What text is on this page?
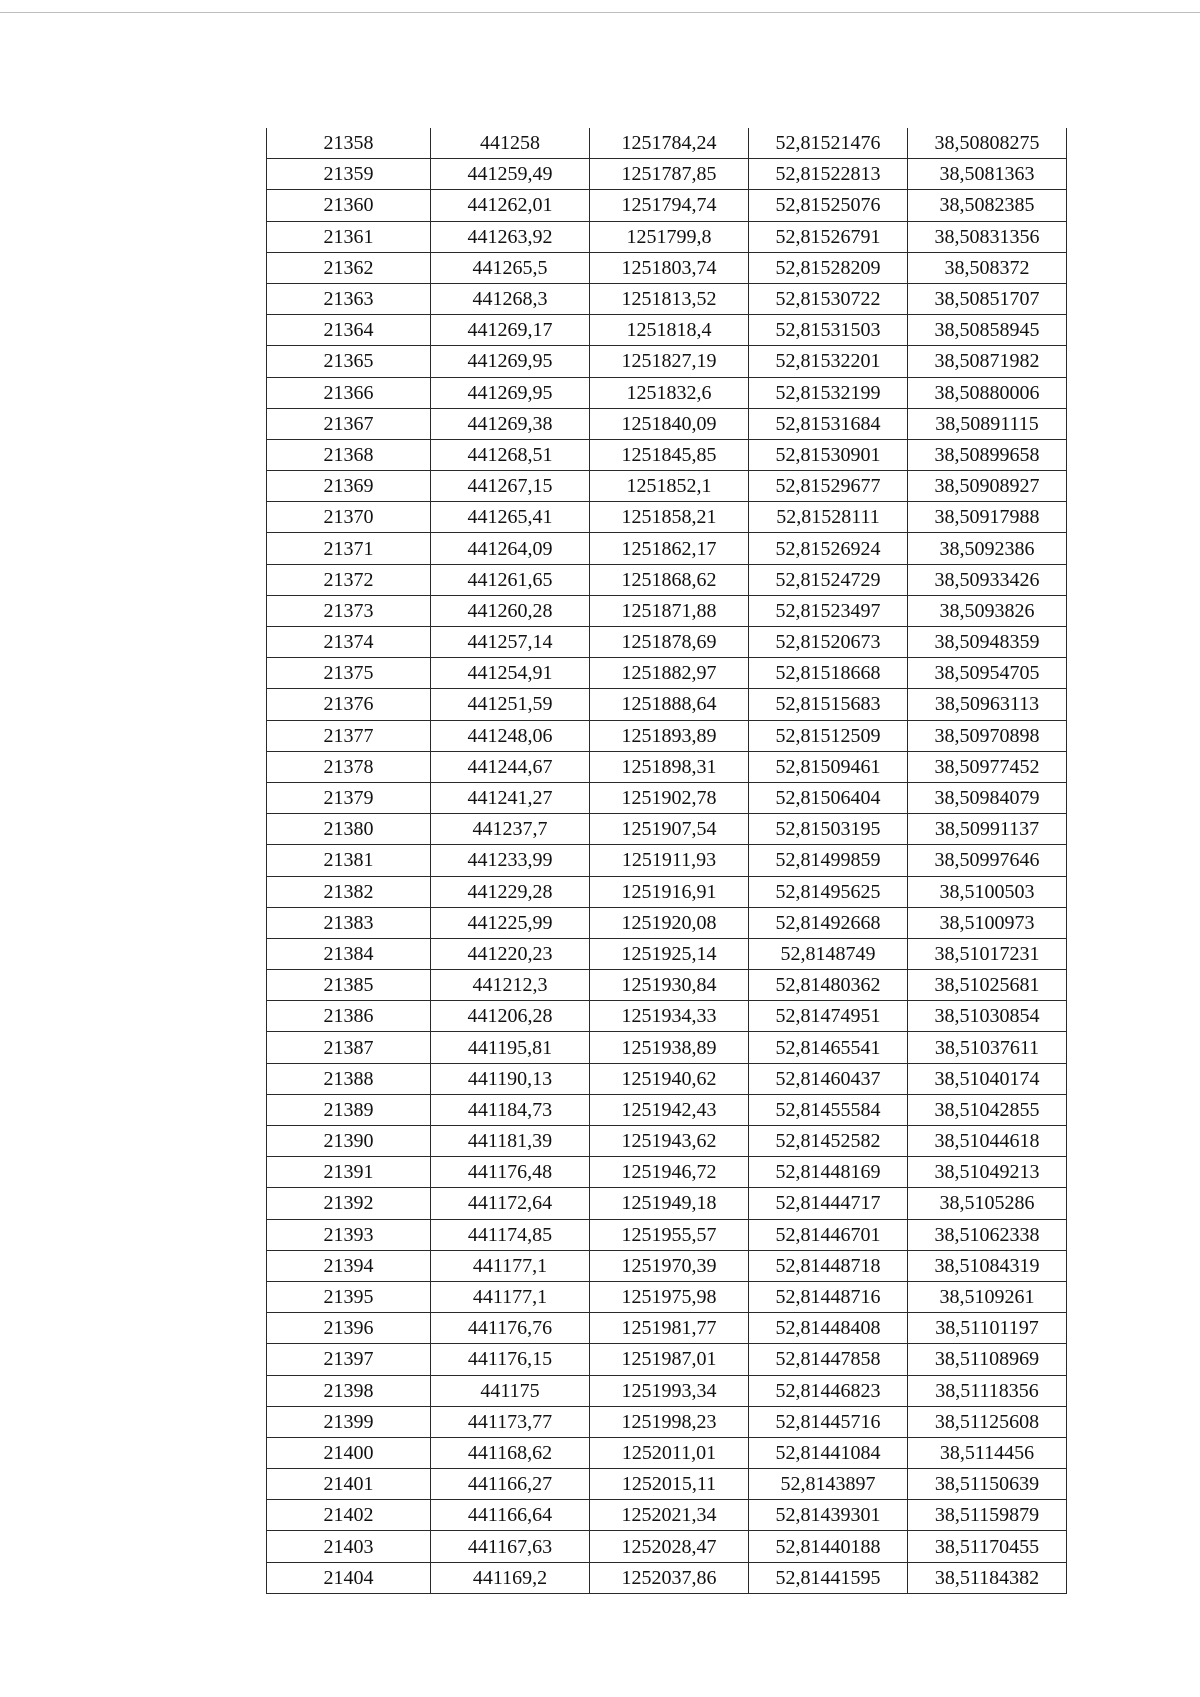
21358	441258	1251784,24	52,81521476	38,50808275
21359	441259,49	1251787,85	52,81522813	38,5081363
21360	441262,01	1251794,74	52,81525076	38,5082385
21361	441263,92	1251799,8	52,81526791	38,50831356
21362	441265,5	1251803,74	52,81528209	38,508372
21363	441268,3	1251813,52	52,81530722	38,50851707
21364	441269,17	1251818,4	52,81531503	38,50858945
21365	441269,95	1251827,19	52,81532201	38,50871982
21366	441269,95	1251832,6	52,81532199	38,50880006
21367	441269,38	1251840,09	52,81531684	38,50891115
21368	441268,51	1251845,85	52,81530901	38,50899658
21369	441267,15	1251852,1	52,81529677	38,50908927
21370	441265,41	1251858,21	52,81528111	38,50917988
21371	441264,09	1251862,17	52,81526924	38,5092386
21372	441261,65	1251868,62	52,81524729	38,50933426
21373	441260,28	1251871,88	52,81523497	38,5093826
21374	441257,14	1251878,69	52,81520673	38,50948359
21375	441254,91	1251882,97	52,81518668	38,50954705
21376	441251,59	1251888,64	52,81515683	38,50963113
21377	441248,06	1251893,89	52,81512509	38,50970898
21378	441244,67	1251898,31	52,81509461	38,50977452
21379	441241,27	1251902,78	52,81506404	38,50984079
21380	441237,7	1251907,54	52,81503195	38,50991137
21381	441233,99	1251911,93	52,81499859	38,50997646
21382	441229,28	1251916,91	52,81495625	38,5100503
21383	441225,99	1251920,08	52,81492668	38,5100973
21384	441220,23	1251925,14	52,8148749	38,51017231
21385	441212,3	1251930,84	52,81480362	38,51025681
21386	441206,28	1251934,33	52,81474951	38,51030854
21387	441195,81	1251938,89	52,81465541	38,51037611
21388	441190,13	1251940,62	52,81460437	38,51040174
21389	441184,73	1251942,43	52,81455584	38,51042855
21390	441181,39	1251943,62	52,81452582	38,51044618
21391	441176,48	1251946,72	52,81448169	38,51049213
21392	441172,64	1251949,18	52,81444717	38,5105286
21393	441174,85	1251955,57	52,81446701	38,51062338
21394	441177,1	1251970,39	52,81448718	38,51084319
21395	441177,1	1251975,98	52,81448716	38,5109261
21396	441176,76	1251981,77	52,81448408	38,51101197
21397	441176,15	1251987,01	52,81447858	38,51108969
21398	441175	1251993,34	52,81446823	38,51118356
21399	441173,77	1251998,23	52,81445716	38,51125608
21400	441168,62	1252011,01	52,81441084	38,5114456
21401	441166,27	1252015,11	52,8143897	38,51150639
21402	441166,64	1252021,34	52,81439301	38,51159879
21403	441167,63	1252028,47	52,81440188	38,51170455
21404	441169,2	1252037,86	52,81441595	38,51184382
